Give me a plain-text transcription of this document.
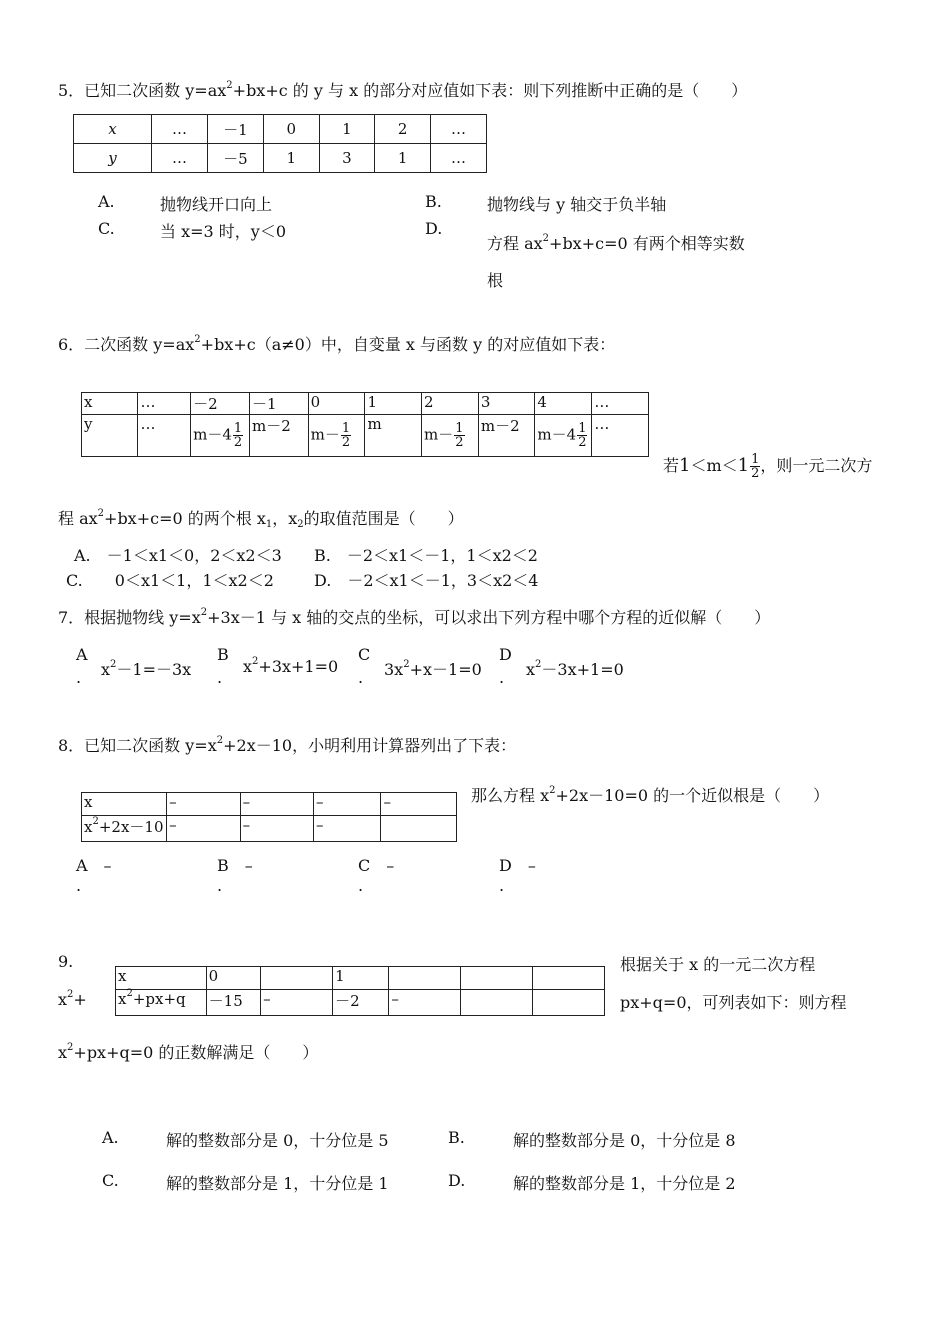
5．已知二次函数 $y=ax^2+bx+c$ 的 y 与 x 的部分对应值如下表：则下列推断中正确的是（　　）
x	…	－1	0	1	2	…
y	…	－5	1	3	1	…
A.	抛物线开口向上	B.	抛物线与 y 轴交于负半轴
C.	当 x=3 时，y＜0	D.
方程 $ax^2+bx+c=0$ 有两个相等实数
根
6．二次函数 $y=ax^2+bx+c(a\ne 0)$中，自变量 x 与函数 y 的对应值如下表：
x	…	－2	－1	0	1	2	3	4	…
y	…	$m-4 \frac{1}{2}$	m－2	$m- \frac{1}{2}$	m	$m- \frac{1}{2}$	m－2	$m-4 \frac{1}{2}$	…
若$1<m<1 \frac{1}{2}$ ，则一元二次方
程 $ax^2+bx+c=0$ 的两个根 $x_1$，$x_2$的取值范围是（　　）
A.　－1＜x1＜0，2＜x2＜3 B.　－2＜x1＜－1，1＜x2＜2
C.　　0＜x1＜1，1＜x2＜2	D.　－2＜x1＜－1，3＜x2＜4
7．根据抛物线 $y=x^2+3x-1$ 与 x 轴的交点的坐标，可以求出下列方程中哪个方程的近似解（　　）
A
. $x^2-1=-3x$
B
.
$x^2+3x+1=0$
C
. $3x^2+x-1=0$
D
. $x^2-3x+1=0$
8．已知二次函数 $y=x^2+2x-10$，小明利用计算器列出了下表：
x	–	–	–	–
$x^2+2x-10$	–	–	–	
那么方程 $x^2+2x-10=0$ 的一个近似根是（　　）
A　–
.
B　–
.
C　–
.
D　–
.
9.
$x^2+$
x	0		1			
$x^2+px+q$	－15	–	－2	–		
根据关于 x 的一元二次方程
px+q=0，可列表如下：则方程
$x^2+px+q=0$ 的正数解满足（　　）
A.	解的整数部分是 0，十分位是 5	B.	解的整数部分是 0，十分位是 8
C.	解的整数部分是 1，十分位是 1	D.	解的整数部分是 1，十分位是 2
